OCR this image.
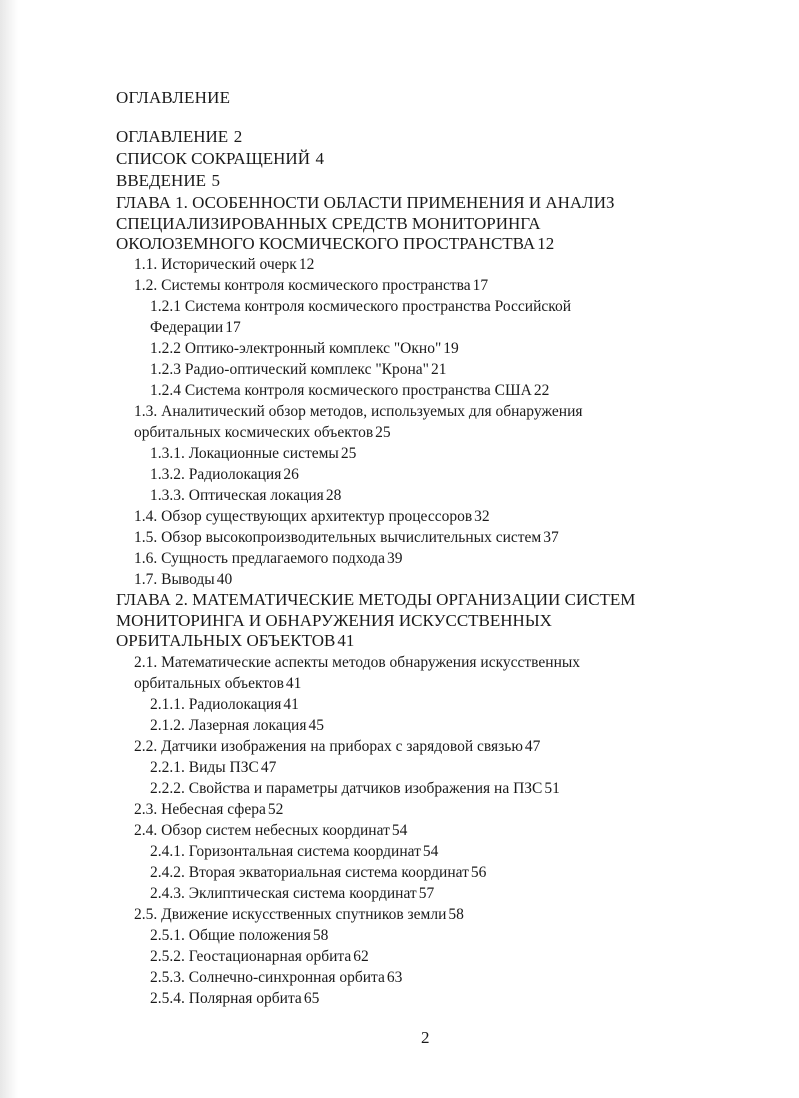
ОГЛАВЛЕНИЕ
ОГЛАВЛЕНИЕ 2
СПИСОК СОКРАЩЕНИЙ 4
ВВЕДЕНИЕ 5
ГЛАВА 1. ОСОБЕННОСТИ ОБЛАСТИ ПРИМЕНЕНИЯ И АНАЛИЗ
СПЕЦИАЛИЗИРОВАННЫХ СРЕДСТВ МОНИТОРИНГА
ОКОЛОЗЕМНОГО КОСМИЧЕСКОГО ПРОСТРАНСТВА 12
1.1. Исторический очерк 12
1.2. Системы контроля космического пространства 17
1.2.1 Система контроля космического пространства Российской
Федерации 17
1.2.2 Оптико-электронный комплекс "Окно" 19
1.2.3 Радио-оптический комплекс "Крона" 21
1.2.4 Система контроля космического пространства США 22
1.3. Аналитический обзор методов, используемых для обнаружения
орбитальных космических объектов 25
1.3.1. Локационные системы 25
1.3.2. Радиолокация 26
1.3.3. Оптическая локация 28
1.4. Обзор существующих архитектур процессоров 32
1.5. Обзор высокопроизводительных вычислительных систем 37
1.6. Сущность предлагаемого подхода 39
1.7. Выводы 40
ГЛАВА 2. МАТЕМАТИЧЕСКИЕ МЕТОДЫ ОРГАНИЗАЦИИ СИСТЕМ
МОНИТОРИНГА И ОБНАРУЖЕНИЯ ИСКУССТВЕННЫХ
ОРБИТАЛЬНЫХ ОБЪЕКТОВ 41
2.1. Математические аспекты методов обнаружения искусственных
орбитальных объектов 41
2.1.1. Радиолокация 41
2.1.2. Лазерная локация 45
2.2. Датчики изображения на приборах с зарядовой связью 47
2.2.1. Виды ПЗС 47
2.2.2. Свойства и параметры датчиков изображения на ПЗС 51
2.3. Небесная сфера 52
2.4. Обзор систем небесных координат 54
2.4.1. Горизонтальная система координат 54
2.4.2. Вторая экваториальная система координат 56
2.4.3. Эклиптическая система координат 57
2.5. Движение искусственных спутников земли 58
2.5.1. Общие положения 58
2.5.2. Геостационарная орбита 62
2.5.3. Солнечно-синхронная орбита 63
2.5.4. Полярная орбита 65
2
